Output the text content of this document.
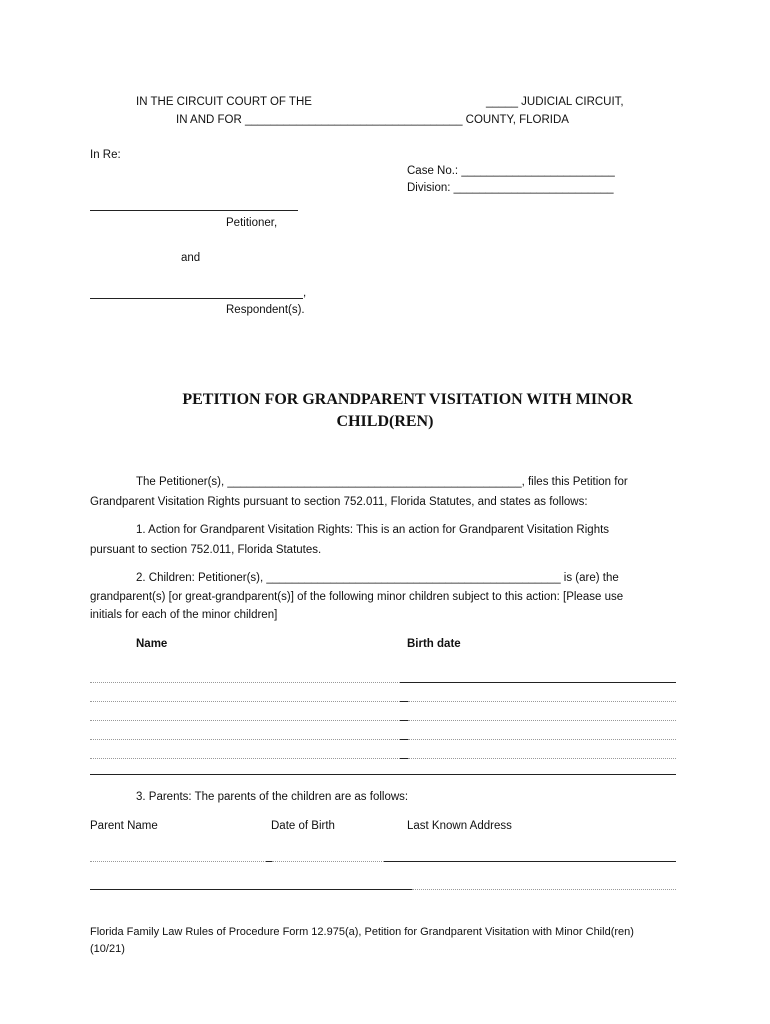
IN THE CIRCUIT COURT OF THE	_____ JUDICIAL CIRCUIT,
IN AND FOR __________________________________ COUNTY, FLORIDA
In Re:
Case No.: ________________________
Division: _________________________
Petitioner,
and
,
Respondent(s).
PETITION FOR GRANDPARENT VISITATION WITH MINOR
CHILD(REN)
The Petitioner(s), ______________________________________________, files this Petition for
Grandparent Visitation Rights pursuant to section 752.011, Florida Statutes, and states as follows:
1. Action for Grandparent Visitation Rights: This is an action for Grandparent Visitation Rights
pursuant to section 752.011, Florida Statutes.
2. Children: Petitioner(s), ______________________________________________ is (are) the
grandparent(s) [or great-grandparent(s)] of the following minor children subject to this action: [Please use
initials for each of the minor children]
Name	Birth date
3. Parents: The parents of the children are as follows:
Parent Name	Date of Birth	Last Known Address
Florida Family Law Rules of Procedure Form 12.975(a), Petition for Grandparent Visitation with Minor Child(ren)
(10/21)
